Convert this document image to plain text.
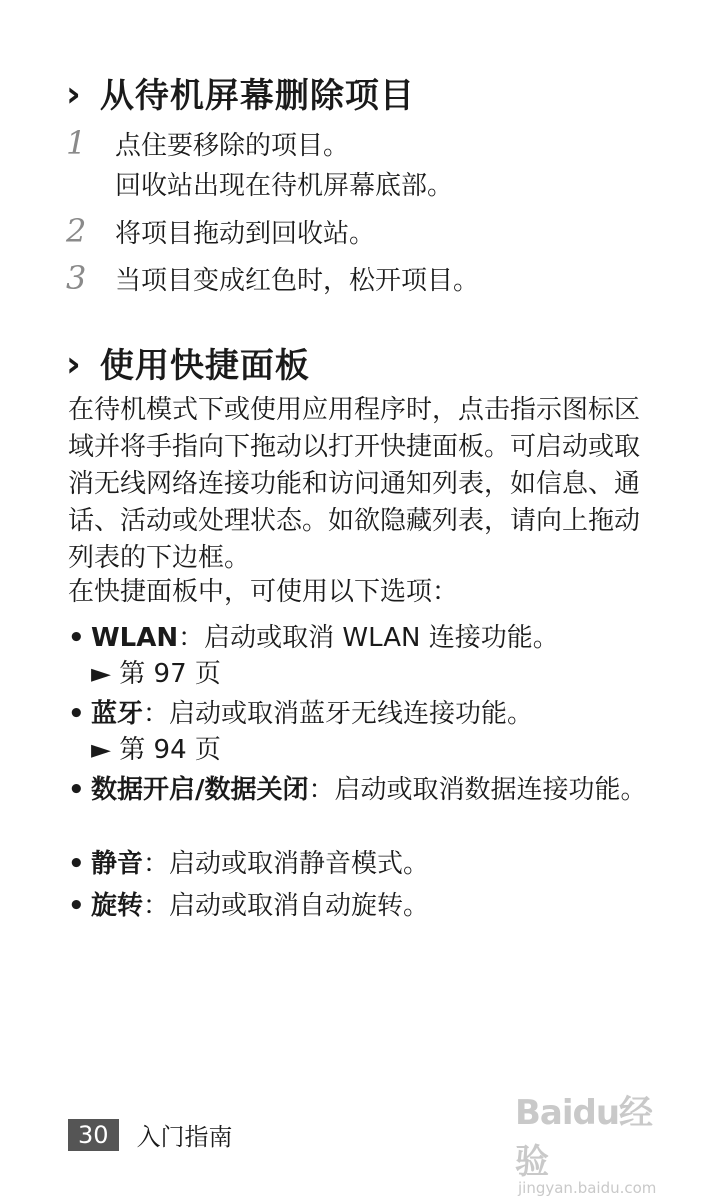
› 从待机屏幕删除项目
1 点住要移除的项目。
回收站出现在待机屏幕底部。
2 将项目拖动到回收站。
3 当项目变成红色时，松开项目。
› 使用快捷面板
在待机模式下或使用应用程序时，点击指示图标区域并将手指向下拖动以打开快捷面板。可启动或取消无线网络连接功能和访问通知列表，如信息、通话、活动或处理状态。如欲隐藏列表，请向上拖动列表的下边框。
在快捷面板中，可使用以下选项：
• WLAN：启动或取消 WLAN 连接功能。
► 第 97 页
• 蓝牙：启动或取消蓝牙无线连接功能。
► 第 94 页
• 数据开启/数据关闭：启动或取消数据连接功能。
• 静音：启动或取消静音模式。
• 旋转：启动或取消自动旋转。
30	入门指南
Baidu经验
jingyan.baidu.com
